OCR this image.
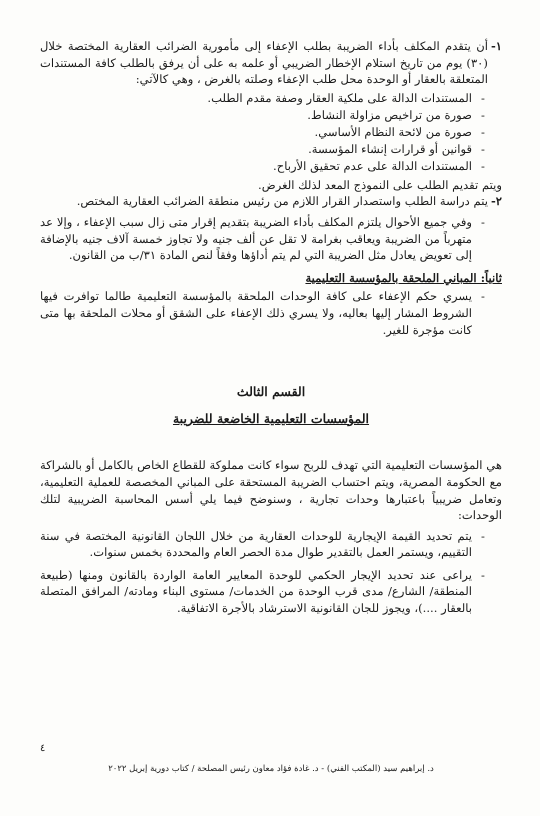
١-
أن يتقدم المكلف بأداء الضريبة بطلب الإعفاء إلى مأمورية الضرائب العقارية المختصة خلال (٣٠) يوم من تاريخ استلام الإخطار الضريبي أو علمه به على أن يرفق بالطلب كافة المستندات المتعلقة بالعقار أو الوحدة محل طلب الإعفاء وصلته بالغرض ، وهي كالآتي:
-
المستندات الدالة على ملكية العقار وصفة مقدم الطلب.
-
صورة من تراخيص مزاولة النشاط.
-
صورة من لائحة النظام الأساسي.
-
قوانين أو قرارات إنشاء المؤسسة.
-
المستندات الدالة على عدم تحقيق الأرباح.

ويتم تقديم الطلب على النموذج المعد لذلك الغرض.

٢-
يتم دراسة الطلب واستصدار القرار اللازم من رئيس منطقة الضرائب العقارية المختص.
-
وفي جميع الأحوال يلتزم المكلف بأداء الضريبة بتقديم إقرار متى زال سبب الإعفاء ، وإلا عد متهرباً من الضريبة ويعاقب بغرامة لا تقل عن ألف جنيه ولا تجاوز خمسة آلاف جنيه بالإضافة إلى تعويض يعادل مثل الضريبة التي لم يتم أداؤها وفقاً لنص المادة ٣١/ب من القانون.
ثانياً: المباني الملحقة بالمؤسسة التعليمية
-
يسري حكم الإعفاء على كافة الوحدات الملحقة بالمؤسسة التعليمية طالما توافرت فيها الشروط المشار إليها بعاليه، ولا يسري ذلك الإعفاء على الشقق أو محلات الملحقة بها متى كانت مؤجرة للغير.
القسم الثالث
المؤسسات التعليمية الخاضعة للضريبة

هي المؤسسات التعليمية التي تهدف للربح سواء كانت مملوكة للقطاع الخاص بالكامل أو بالشراكة مع الحكومة المصرية، ويتم احتساب الضريبة المستحقة على المباني المخصصة للعملية التعليمية، وتعامل ضريبياً باعتبارها وحدات تجارية ، وسنوضح فيما يلي أسس المحاسبة الضريبية لتلك الوحدات:

-
يتم تحديد القيمة الإيجارية للوحدات العقارية من خلال اللجان القانونية المختصة في سنة التقييم، ويستمر العمل بالتقدير طوال مدة الحصر العام والمحددة بخمس سنوات.
-
يراعى عند تحديد الإيجار الحكمي للوحدة المعايير العامة الواردة بالقانون ومنها (طبيعة المنطقة/ الشارع/ مدى قرب الوحدة من الخدمات/ مستوى البناء ومادته/ المرافق المتصلة بالعقار ....)، ويجوز للجان القانونية الاسترشاد بالأجرة الاتفاقية.
٤
د. إبراهيم سيد (المكتب الفني) - د. غادة فؤاد معاون رئيس المصلحة / كتاب دورية إبريل ٢٠٢٢
